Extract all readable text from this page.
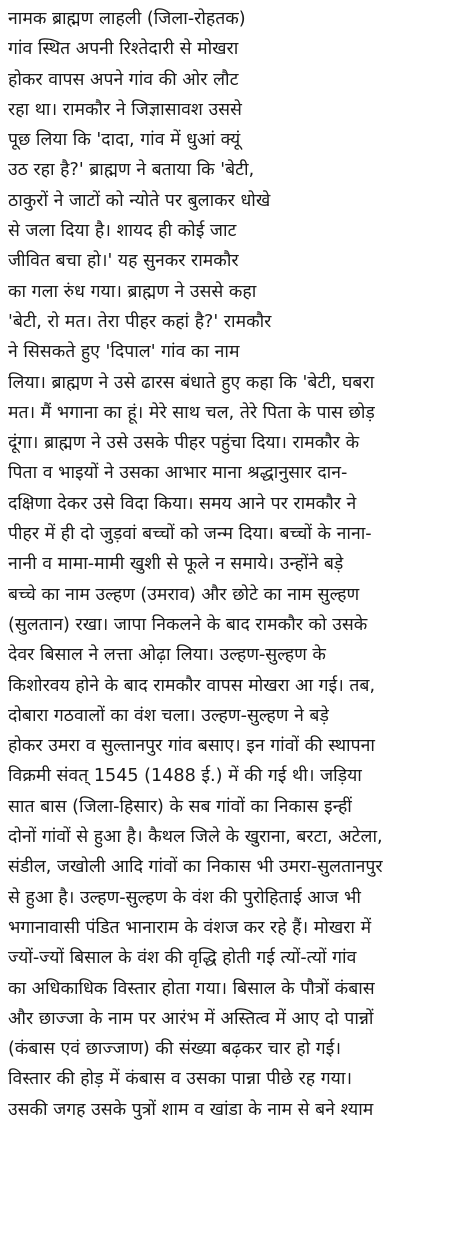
नामक ब्राह्मण लाहली (जिला-रोहतक)
गांव स्थित अपनी रिश्तेदारी से मोखरा
होकर वापस अपने गांव की ओर लौट
रहा था। रामकौर ने जिज्ञासावश उससे
पूछ लिया कि 'दादा, गांव में धुआं क्यूं
उठ रहा है?' ब्राह्मण ने बताया कि 'बेटी,
ठाकुरों ने जाटों को न्योते पर बुलाकर धोखे
से जला दिया है। शायद ही कोई जाट
जीवित बचा हो।' यह सुनकर रामकौर
का गला रुंध गया। ब्राह्मण ने उससे कहा
'बेटी, रो मत। तेरा पीहर कहां है?' रामकौर
ने सिसकते हुए 'दिपाल' गांव का नाम
लिया। ब्राह्मण ने उसे ढारस बंधाते हुए कहा कि 'बेटी, घबरा
मत। मैं भगाना का हूं। मेरे साथ चल, तेरे पिता के पास छोड़
दूंगा। ब्राह्मण ने उसे उसके पीहर पहुंचा दिया। रामकौर के
पिता व भाइयों ने उसका आभार माना श्रद्धानुसार दान-
दक्षिणा देकर उसे विदा किया। समय आने पर रामकौर ने
पीहर में ही दो जुड़वां बच्चों को जन्म दिया। बच्चों के नाना-
नानी व मामा-मामी खुशी से फूले न समाये। उन्होंने बड़े
बच्चे का नाम उल्हण (उमराव) और छोटे का नाम सुल्हण
(सुलतान) रखा। जापा निकलने के बाद रामकौर को उसके
देवर बिसाल ने लत्ता ओढ़ा लिया। उल्हण-सुल्हण के
किशोरवय होने के बाद रामकौर वापस मोखरा आ गई। तब,
दोबारा गठवालों का वंश चला। उल्हण-सुल्हण ने बड़े
होकर उमरा व सुल्तानपुर गांव बसाए। इन गांवों की स्थापना
विक्रमी संवत् 1545 (1488 ई.) में की गई थी। जड़िया
सात बास (जिला-हिसार) के सब गांवों का निकास इन्हीं
दोनों गांवों से हुआ है। कैथल जिले के खुराना, बरटा, अटेला,
संडील, जखोली आदि गांवों का निकास भी उमरा-सुलतानपुर
से हुआ है। उल्हण-सुल्हण के वंश की पुरोहिताई आज भी
भगानावासी पंडित भानाराम के वंशज कर रहे हैं। मोखरा में
ज्यों-ज्यों बिसाल के वंश की वृद्धि होती गई त्यों-त्यों गांव
का अधिकाधिक विस्तार होता गया। बिसाल के पौत्रों कंबास
और छाज्जा के नाम पर आरंभ में अस्तित्व में आए दो पान्नों
(कंबास एवं छाज्जाण) की संख्या बढ़कर चार हो गई।
विस्तार की होड़ में कंबास व उसका पान्ना पीछे रह गया।
उसकी जगह उसके पुत्रों शाम व खांडा के नाम से बने श्याम
